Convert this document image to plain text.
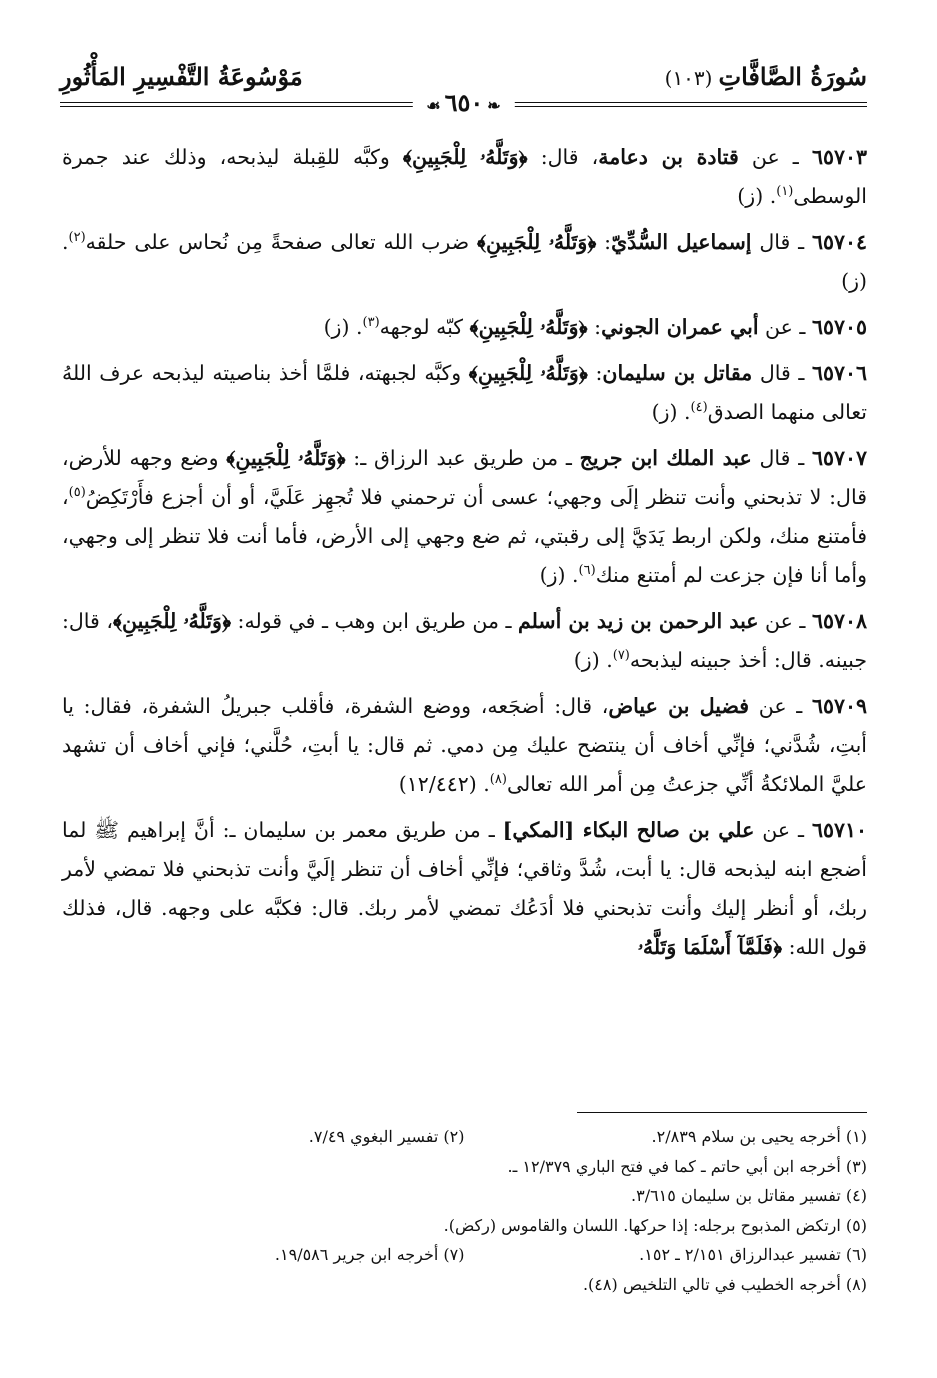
سُورَةُ الصَّافَّاتِ(١٠٣)
مَوْسُوعَةُ التَّفْسِيرِ المَأْثُورِ
❧٦٥٠☙

٦٥٧٠٣ ـ عن قتادة بن دعامة، قال: ﴿وَتَلَّهُۥ لِلْجَبِينِ﴾ وكبَّه للقِبلة ليذبحه، وذلك عند جمرة الوسطى$^{(١)}$. (ز)

٦٥٧٠٤ ـ قال إسماعيل السُّدِّيّ: ﴿وَتَلَّهُۥ لِلْجَبِينِ﴾ ضرب الله تعالى صفحةً مِن نُحاس على حلقه$^{(٢)}$. (ز)

٦٥٧٠٥ ـ عن أبي عمران الجوني: ﴿وَتَلَّهُۥ لِلْجَبِينِ﴾ كبّه لوجهه$^{(٣)}$. (ز)

٦٥٧٠٦ ـ قال مقاتل بن سليمان: ﴿وَتَلَّهُۥ لِلْجَبِينِ﴾ وكبَّه لجبهته، فلمَّا أخذ بناصيته ليذبحه عرف اللهُ تعالى منهما الصدق$^{(٤)}$. (ز)

٦٥٧٠٧ ـ قال عبد الملك ابن جريج ـ من طريق عبد الرزاق ـ: ﴿وَتَلَّهُۥ لِلْجَبِينِ﴾ وضع وجهه للأرض، قال: لا تذبحني وأنت تنظر إلَى وجهي؛ عسى أن ترحمني فلا تُجهِز عَلَيَّ، أو أن أجزع فأَرْتَكِضُ$^{(٥)}$، فأمتنع منك، ولكن اربط يَدَيَّ إلى رقبتي، ثم ضع وجهي إلى الأرض، فأما أنت فلا تنظر إلى وجهي، وأما أنا فإن جزعت لم أمتنع منك$^{(٦)}$. (ز)

٦٥٧٠٨ ـ عن عبد الرحمن بن زيد بن أسلم ـ من طريق ابن وهب ـ في قوله: ﴿وَتَلَّهُۥ لِلْجَبِينِ﴾، قال: جبينه. قال: أخذ جبينه ليذبحه$^{(٧)}$. (ز)

٦٥٧٠٩ ـ عن فضيل بن عياض، قال: أضجَعه، ووضع الشفرة، فأقلب جبريلُ الشفرة، فقال: يا أبتِ، شُدَّني؛ فإنِّي أخاف أن ينتضح عليك مِن دمي. ثم قال: يا أبتِ، حُلَّني؛ فإني أخاف أن تشهد عليَّ الملائكةُ أنِّي جزعتُ مِن أمر الله تعالى$^{(٨)}$. (١٢/٤٤٢)

٦٥٧١٠ ـ عن علي بن صالح البكاء [المكي] ـ من طريق معمر بن سليمان ـ: أنَّ إبراهيم ﷺ لما أضجع ابنه ليذبحه قال: يا أبت، شُدَّ وثاقي؛ فإنِّي أخاف أن تنظر إلَيَّ وأنت تذبحني فلا تمضي لأمر ربك، أو أنظر إليك وأنت تذبحني فلا أدَعُك تمضي لأمر ربك. قال: فكبَّه على وجهه. قال، فذلك قول الله: ﴿فَلَمَّآ أَسْلَمَا وَتَلَّهُۥ

(١) أخرجه يحيى بن سلام ٢/٨٣٩.
(٢) تفسير البغوي ٧/٤٩.
(٣) أخرجه ابن أبي حاتم ـ كما في فتح الباري ١٢/٣٧٩ ـ.
(٤) تفسير مقاتل بن سليمان ٣/٦١٥.
(٥) ارتكض المذبوح برجله: إذا حركها. اللسان والقاموس (ركض).
(٦) تفسير عبدالرزاق ٢/١٥١ ـ ١٥٢.
(٧) أخرجه ابن جرير ١٩/٥٨٦.
(٨) أخرجه الخطيب في تالي التلخيص (٤٨).
